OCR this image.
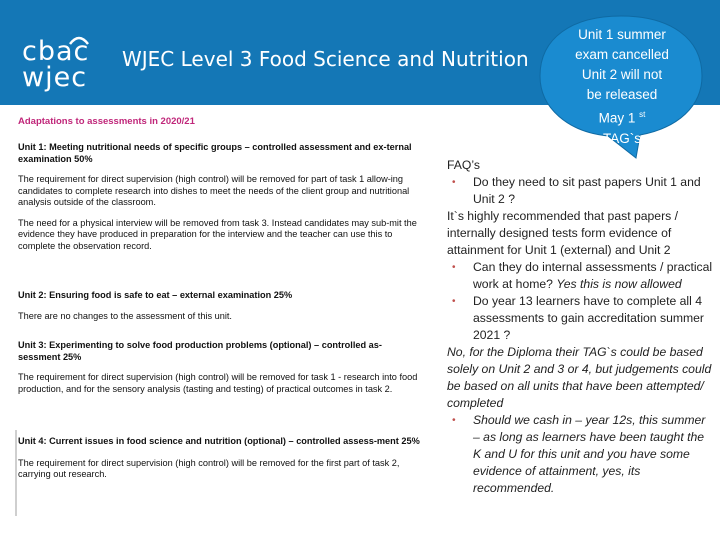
cbac
wjec
WJEC Level 3 Food Science and Nutrition
Unit 1 summer
exam cancelled
Unit 2 will not
be released
May 1 $^{st}$
TAG`s
Adaptations to assessments in 2020/21
Unit 1: Meeting nutritional needs of specific groups – controlled assessment and ex-ternal examination 50%
The requirement for direct supervision (high control) will be removed for part of task 1 allow-ing candidates to complete research into dishes to meet the needs of the client group and nutritional analysis outside of the classroom.
The need for a physical interview will be removed from task 3. Instead candidates may sub-mit the evidence they have produced in preparation for the interview and the teacher can use this to complete the observation record.
Unit 2: Ensuring food is safe to eat – external examination 25%
There are no changes to the assessment of this unit.
Unit 3: Experimenting to solve food production problems (optional) – controlled as-sessment 25%
The requirement for direct supervision (high control) will be removed for task 1 - research into food production, and for the sensory analysis (tasting and testing) of practical outcomes in task 2.
Unit 4: Current issues in food science and nutrition (optional) – controlled assess-ment 25%
The requirement for direct supervision (high control) will be removed for the first part of task 2, carrying out research.
FAQ’s
• Do they need to sit past papers Unit 1 and Unit 2 ?
It`s highly recommended that past papers / internally designed tests form evidence of attainment for Unit 1 (external) and Unit 2
• Can they do internal assessments / practical work at home? Yes this is now allowed
• Do year 13 learners have to complete all 4 assessments to gain accreditation summer 2021 ?
No, for the Diploma their TAG`s could be based solely on Unit 2 and 3 or 4, but judgements could be based on all units that have been attempted/ completed
• Should we cash in – year 12s, this summer – as long as learners have been taught the K and U for this unit and you have some evidence of attainment, yes, its recommended.
